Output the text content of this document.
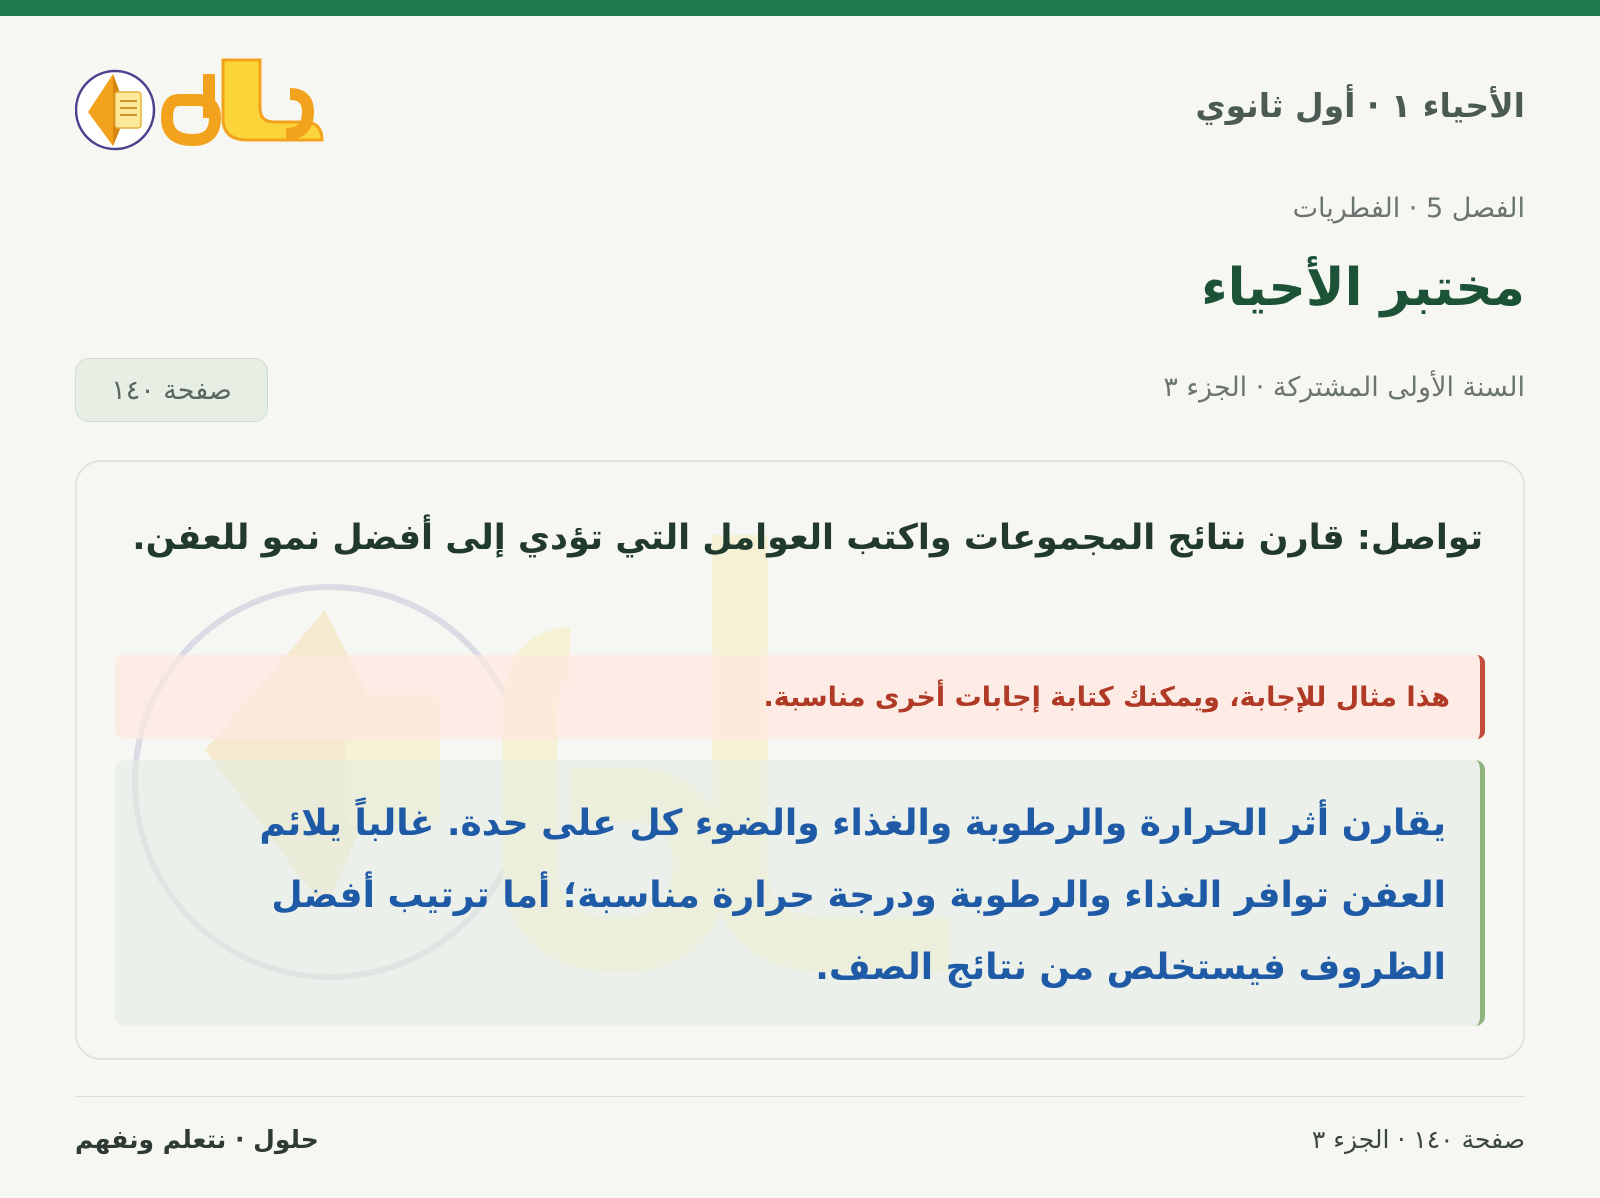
الأحياء ١ · أول ثانوي
الفصل 5 · الفطريات
مختبر الأحياء
السنة الأولى المشتركة · الجزء ٣
صفحة ١٤٠
تواصل: قارن نتائج المجموعات واكتب العوامل التي تؤدي إلى أفضل نمو للعفن.
هذا مثال للإجابة، ويمكنك كتابة إجابات أخرى مناسبة.
يقارن أثر الحرارة والرطوبة والغذاء والضوء كل على حدة. غالباً يلائم العفن توافر الغذاء والرطوبة ودرجة حرارة مناسبة؛ أما ترتيب أفضل الظروف فيستخلص من نتائج الصف.
صفحة ١٤٠ · الجزء ٣
حلول · نتعلم ونفهم
